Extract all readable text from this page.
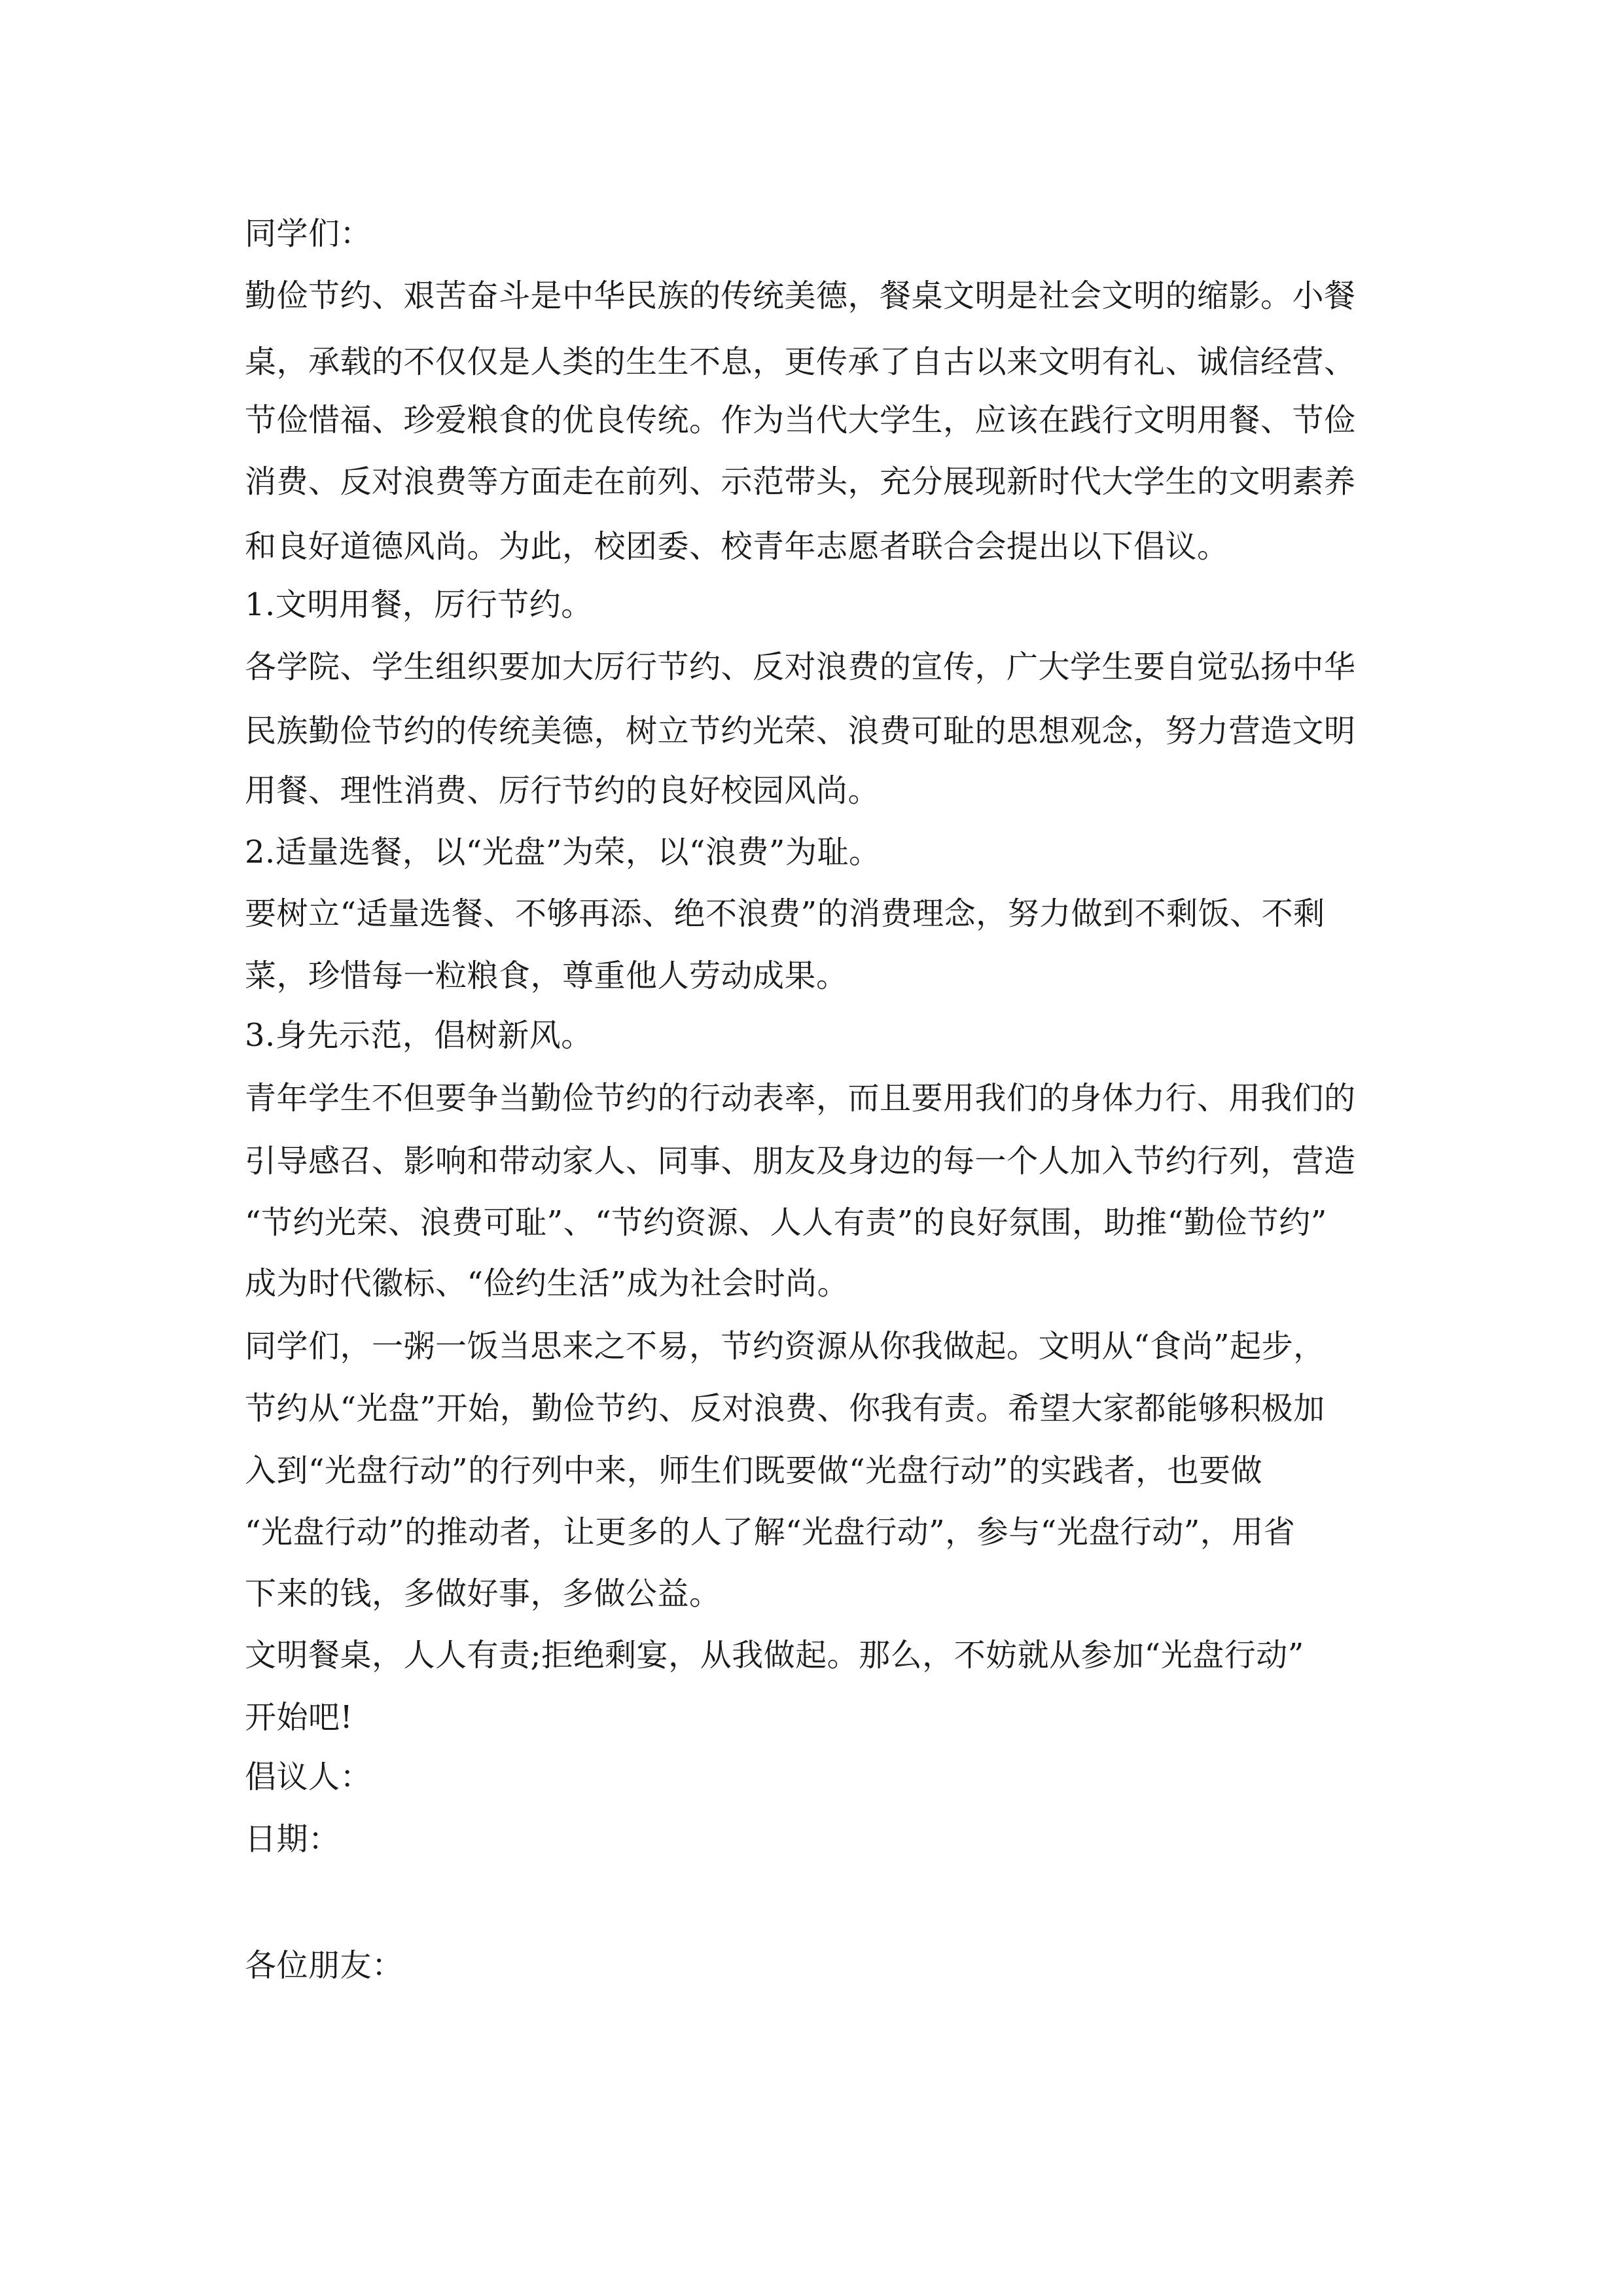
同学们：

勤俭节约、艰苦奋斗是中华民族的传统美德，餐桌文明是社会文明的缩影。小餐

桌，承载的不仅仅是人类的生生不息，更传承了自古以来文明有礼、诚信经营、

节俭惜福、珍爱粮食的优良传统。作为当代大学生，应该在践行文明用餐、节俭

消费、反对浪费等方面走在前列、示范带头，充分展现新时代大学生的文明素养

和良好道德风尚。为此，校团委、校青年志愿者联合会提出以下倡议。

1.文明用餐，厉行节约。

各学院、学生组织要加大厉行节约、反对浪费的宣传，广大学生要自觉弘扬中华

民族勤俭节约的传统美德，树立节约光荣、浪费可耻的思想观念，努力营造文明

用餐、理性消费、厉行节约的良好校园风尚。

2.适量选餐，以“光盘”为荣，以“浪费”为耻。

要树立“适量选餐、不够再添、绝不浪费”的消费理念，努力做到不剩饭、不剩

菜，珍惜每一粒粮食，尊重他人劳动成果。

3.身先示范，倡树新风。

青年学生不但要争当勤俭节约的行动表率，而且要用我们的身体力行、用我们的

引导感召、影响和带动家人、同事、朋友及身边的每一个人加入节约行列，营造

“节约光荣、浪费可耻”、“节约资源、人人有责”的良好氛围，助推“勤俭节约”

成为时代徽标、“俭约生活”成为社会时尚。

同学们，一粥一饭当思来之不易，节约资源从你我做起。文明从“食尚”起步，

节约从“光盘”开始，勤俭节约、反对浪费、你我有责。希望大家都能够积极加

入到“光盘行动”的行列中来，师生们既要做“光盘行动”的实践者，也要做

“光盘行动”的推动者，让更多的人了解“光盘行动”，参与“光盘行动”，用省

下来的钱，多做好事，多做公益。

文明餐桌，人人有责;拒绝剩宴，从我做起。那么，不妨就从参加“光盘行动”

开始吧!

倡议人：

日期：

各位朋友：
